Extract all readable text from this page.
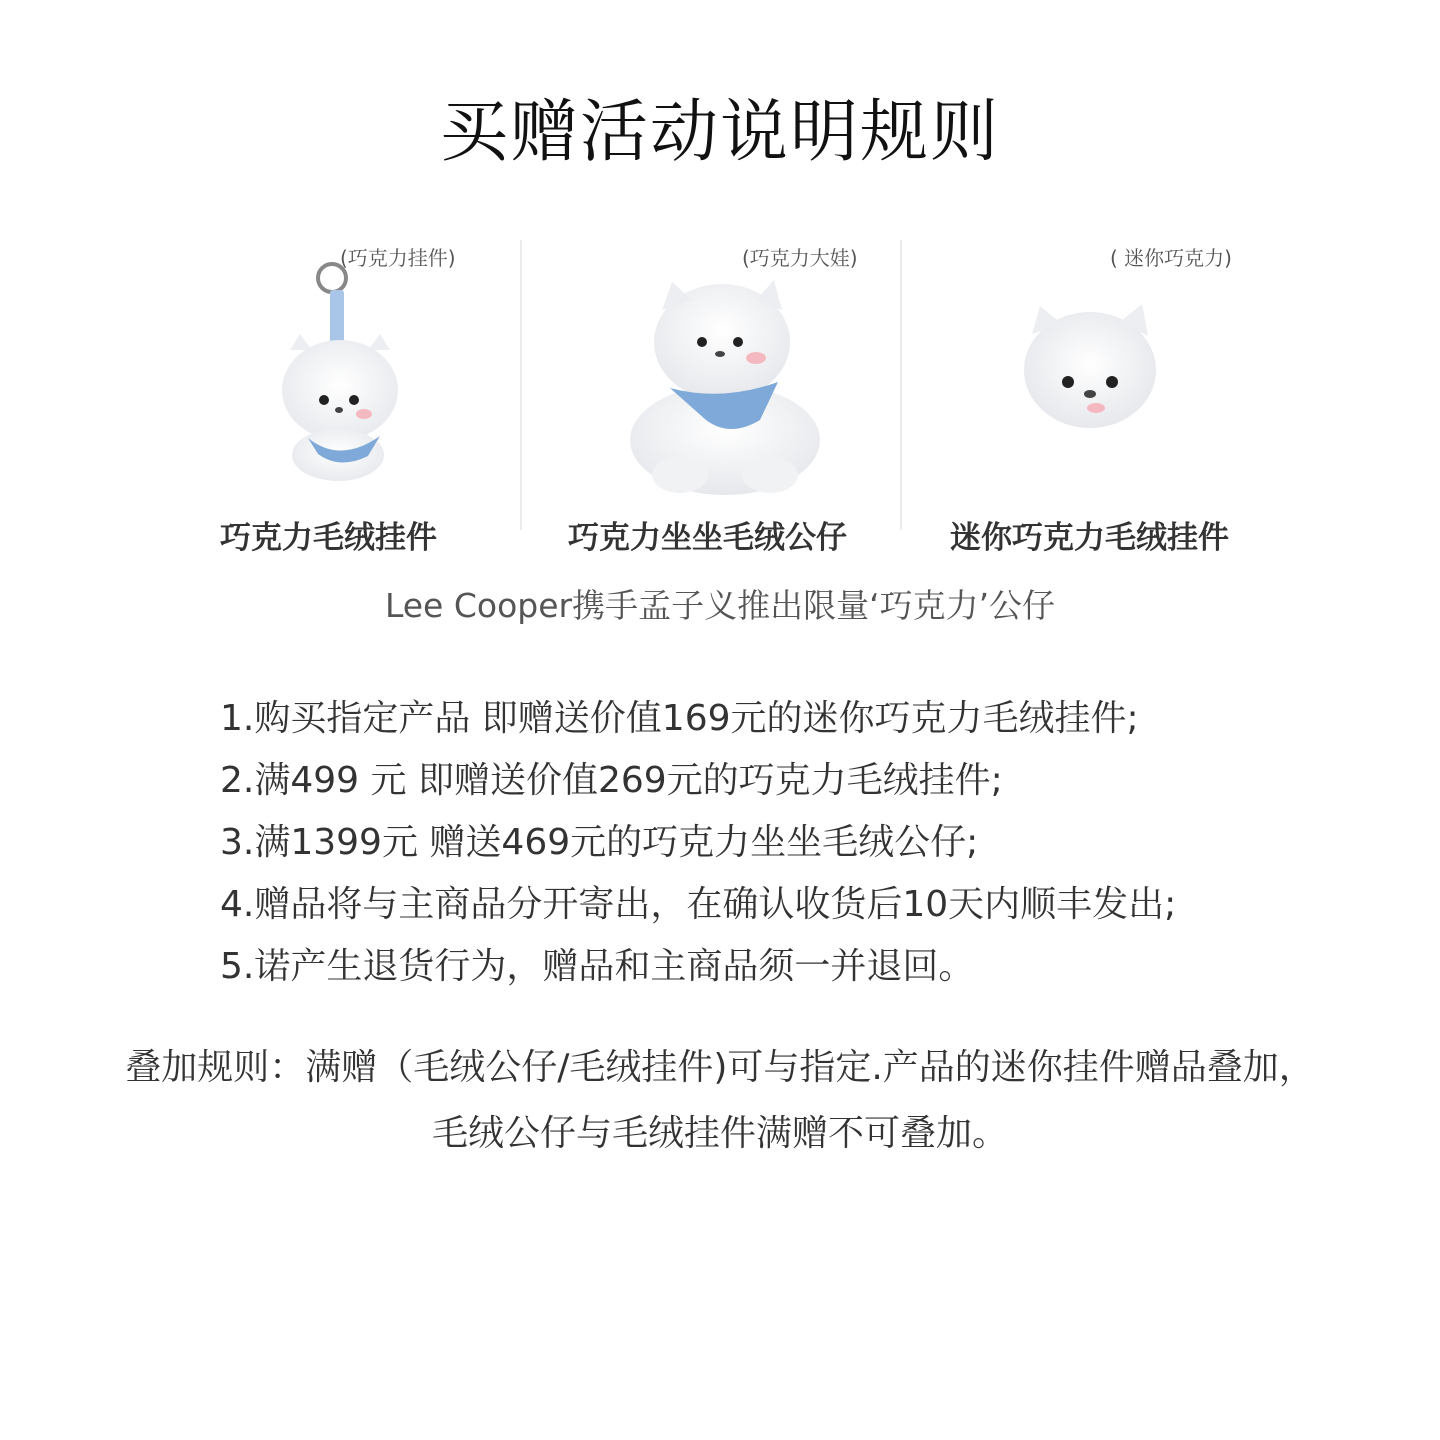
买赠活动说明规则
(巧克力挂件)
巧克力毛绒挂件
(巧克力大娃)
巧克力坐坐毛绒公仔
( 迷你巧克力)
迷你巧克力毛绒挂件
Lee Cooper携手孟子义推出限量‘巧克力’公仔
1.购买指定产品 即赠送价值169元的迷你巧克力毛绒挂件;
2.满499 元 即赠送价值269元的巧克力毛绒挂件;
3.满1399元 赠送469元的巧克力坐坐毛绒公仔;
4.赠品将与主商品分开寄出，在确认收货后10天内顺丰发出;
5.诺产生退货行为，赠品和主商品须一并退回。
叠加规则：满赠（毛绒公仔/毛绒挂件)可与指定.产品的迷你挂件赠品叠加，
毛绒公仔与毛绒挂件满赠不可叠加。
